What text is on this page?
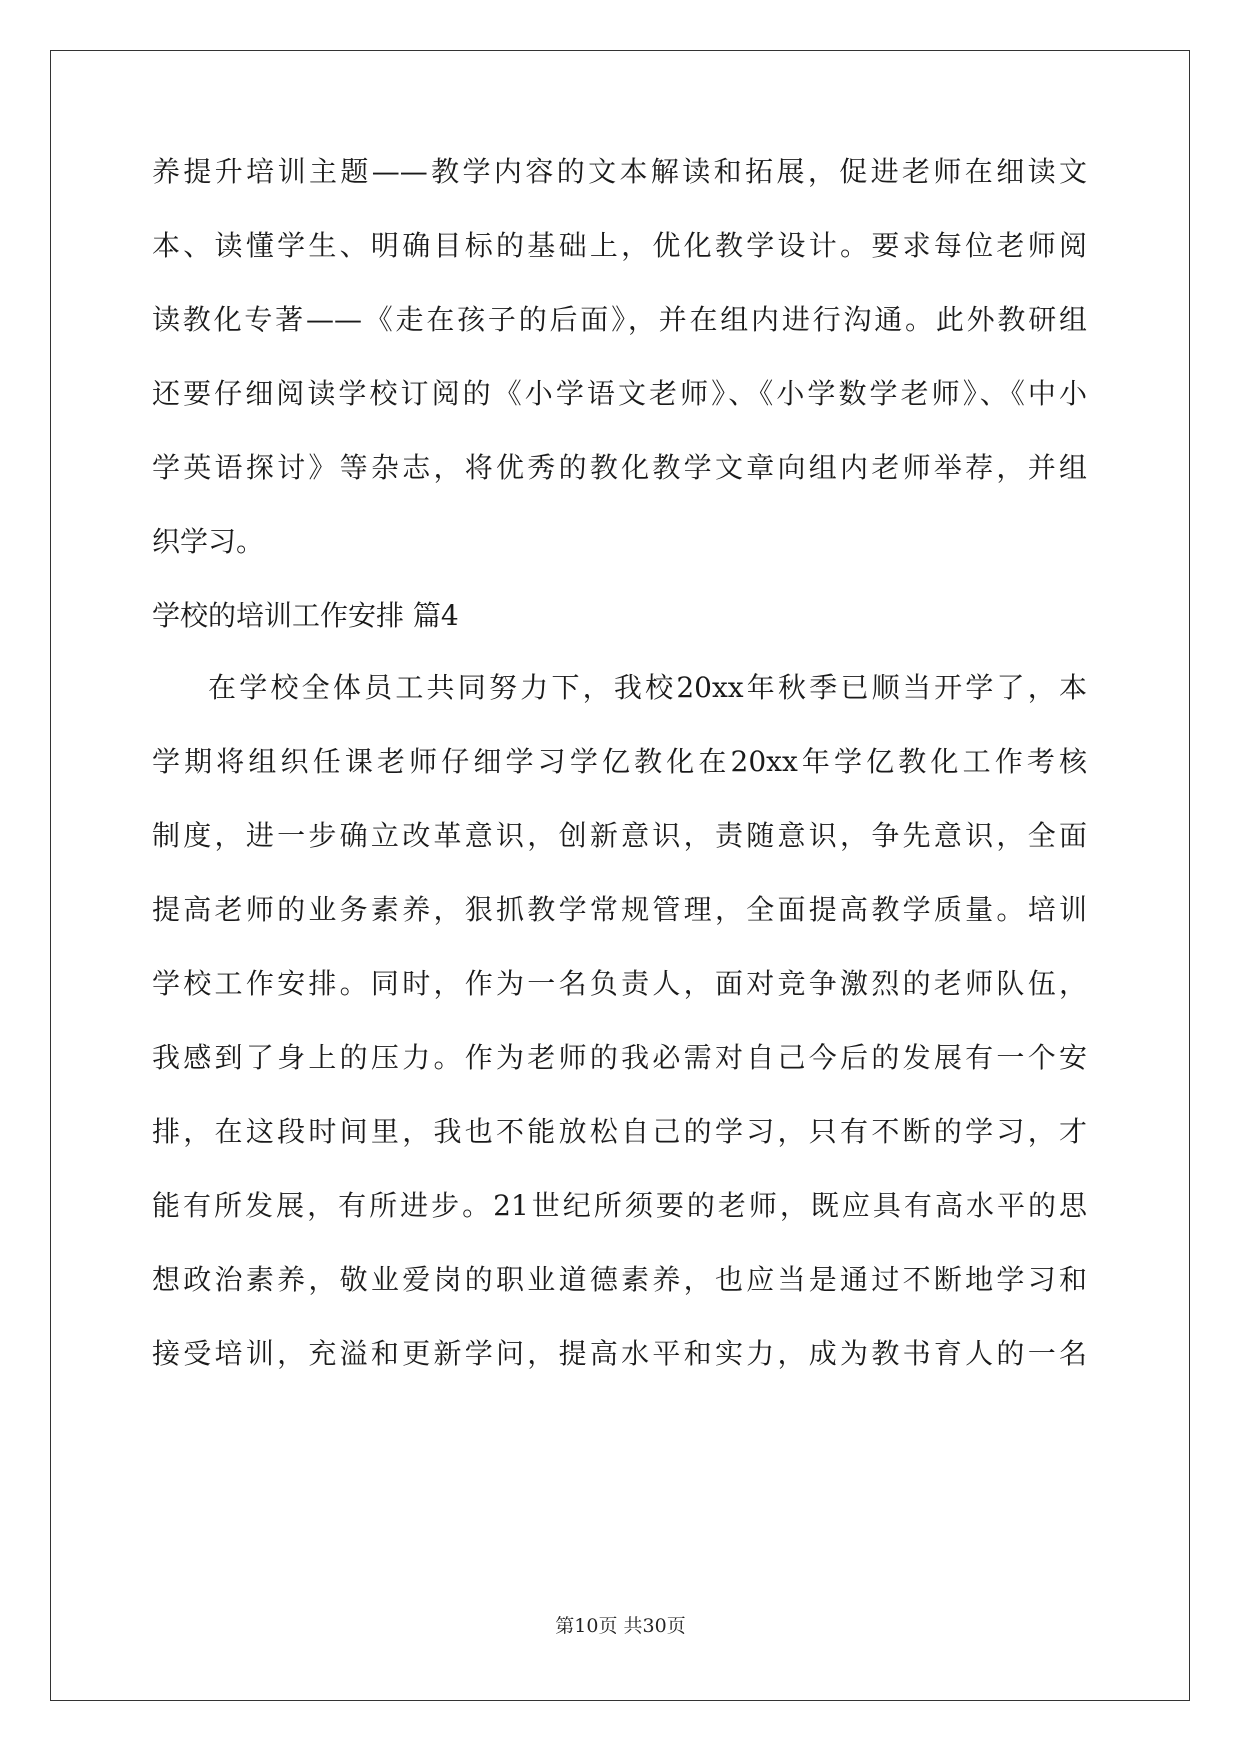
养提升培训主题——教学内容的文本解读和拓展，促进老师在细读文
本、读懂学生、明确目标的基础上，优化教学设计。要求每位老师阅
读教化专著——《走在孩子的后面》，并在组内进行沟通。此外教研组
还要仔细阅读学校订阅的《小学语文老师》、《小学数学老师》、《中小
学英语探讨》等杂志，将优秀的教化教学文章向组内老师举荐，并组
织学习。
学校的培训工作安排 篇4
在学校全体员工共同努力下，我校20xx年秋季已顺当开学了，本
学期将组织任课老师仔细学习学亿教化在20xx年学亿教化工作考核
制度，进一步确立改革意识，创新意识，责随意识，争先意识，全面
提高老师的业务素养，狠抓教学常规管理，全面提高教学质量。培训
学校工作安排。同时，作为一名负责人，面对竞争激烈的老师队伍，
我感到了身上的压力。作为老师的我必需对自己今后的发展有一个安
排，在这段时间里，我也不能放松自己的学习，只有不断的学习，才
能有所发展，有所进步。21世纪所须要的老师，既应具有高水平的思
想政治素养，敬业爱岗的职业道德素养，也应当是通过不断地学习和
接受培训，充溢和更新学问，提高水平和实力，成为教书育人的一名
第10页 共30页
